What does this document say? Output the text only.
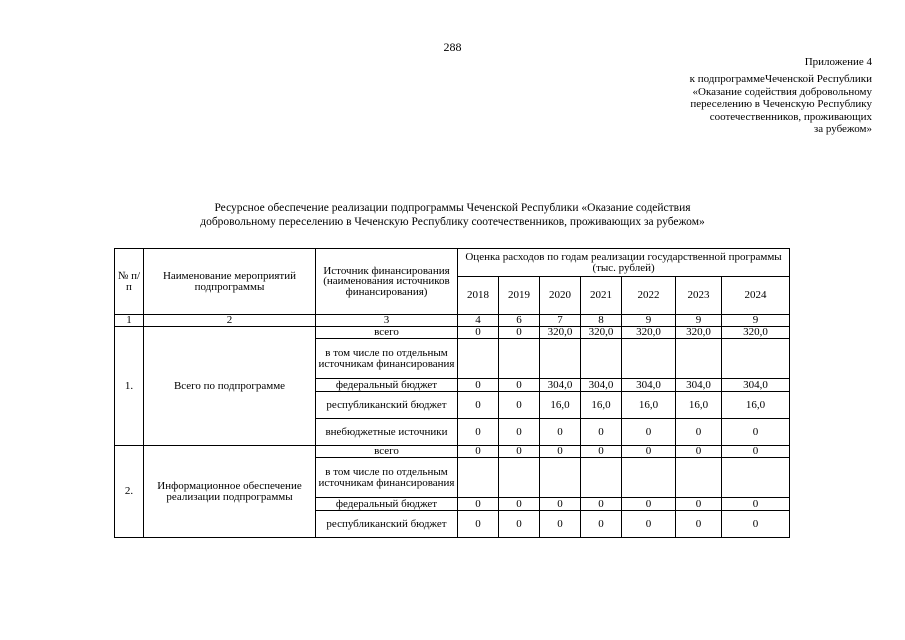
288
Приложение 4
к подпрограммеЧеченской Республики
«Оказание содействия добровольному
переселению в Чеченскую Республику
соотечественников, проживающих
за рубежом»
Ресурсное обеспечение реализации подпрограммы Чеченской Республики «Оказание содействия
добровольному переселению в Чеченскую Республику соотечественников, проживающих за рубежом»
№ п/п	Наименование мероприятий подпрограммы	Источник финансирования (наименования источников финансирования)	Оценка расходов по годам реализации государственной программы (тыс. рублей)						
			2018	2019	2020	2021	2022	2023	2024
1	2	3	4	6	7	8	9	9	9
1.	Всего по подпрограмме	всего	0	0	320,0	320,0	320,0	320,0	320,0
		в том числе по отдельным источникам финансирования							
		федеральный бюджет	0	0	304,0	304,0	304,0	304,0	304,0
		республиканский бюджет	0	0	16,0	16,0	16,0	16,0	16,0
		внебюджетные источники	0	0	0	0	0	0	0
2.	Информационное обеспечение реализации подпрограммы	всего	0	0	0	0	0	0	0
		в том числе по отдельным источникам финансирования							
		федеральный бюджет	0	0	0	0	0	0	0
		республиканский бюджет	0	0	0	0	0	0	0
